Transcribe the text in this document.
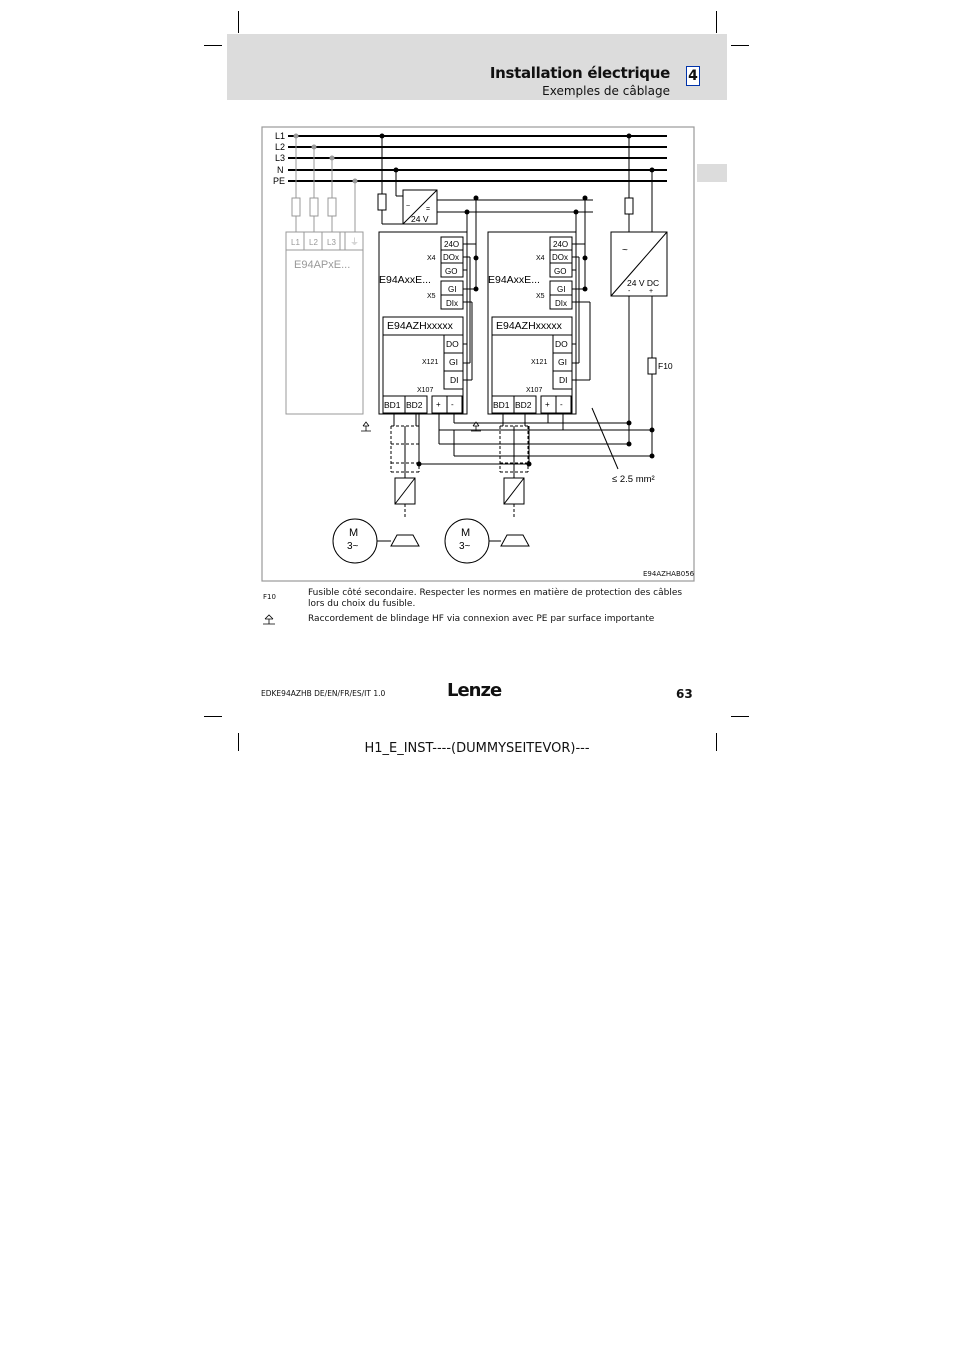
Installation électrique
Exemples de câblage
4
L1
L2
L3
N
PE
L1 L2 L3 ⏚
E94APxE...
~ =
24 V
~
24 V DC
-	+
F10
E94AxxE...
X4
24O
DOx
GO
X5
GI
DIx
E94AZHxxxxx
X121
DO
GI
DI
X107
BD1 BD2 + -
M
3~
E94AxxE...
X4
24O
DOx
GO
X5
GI
DIx
E94AZHxxxxx
X121
DO
GI
DI
X107
BD1 BD2 + -
M
3~
≤ 2.5 mm²
E94AZHAB056
F10	Fusible côté secondaire. Respecter les normes en matière de protection des câbles lors du choix du fusible.
Raccordement de blindage HF via connexion avec PE par surface importante
EDKE94AZHB DE/EN/FR/ES/IT 1.0	Lenze	63
H1_E_INST----(DUMMYSEITEVOR)---
